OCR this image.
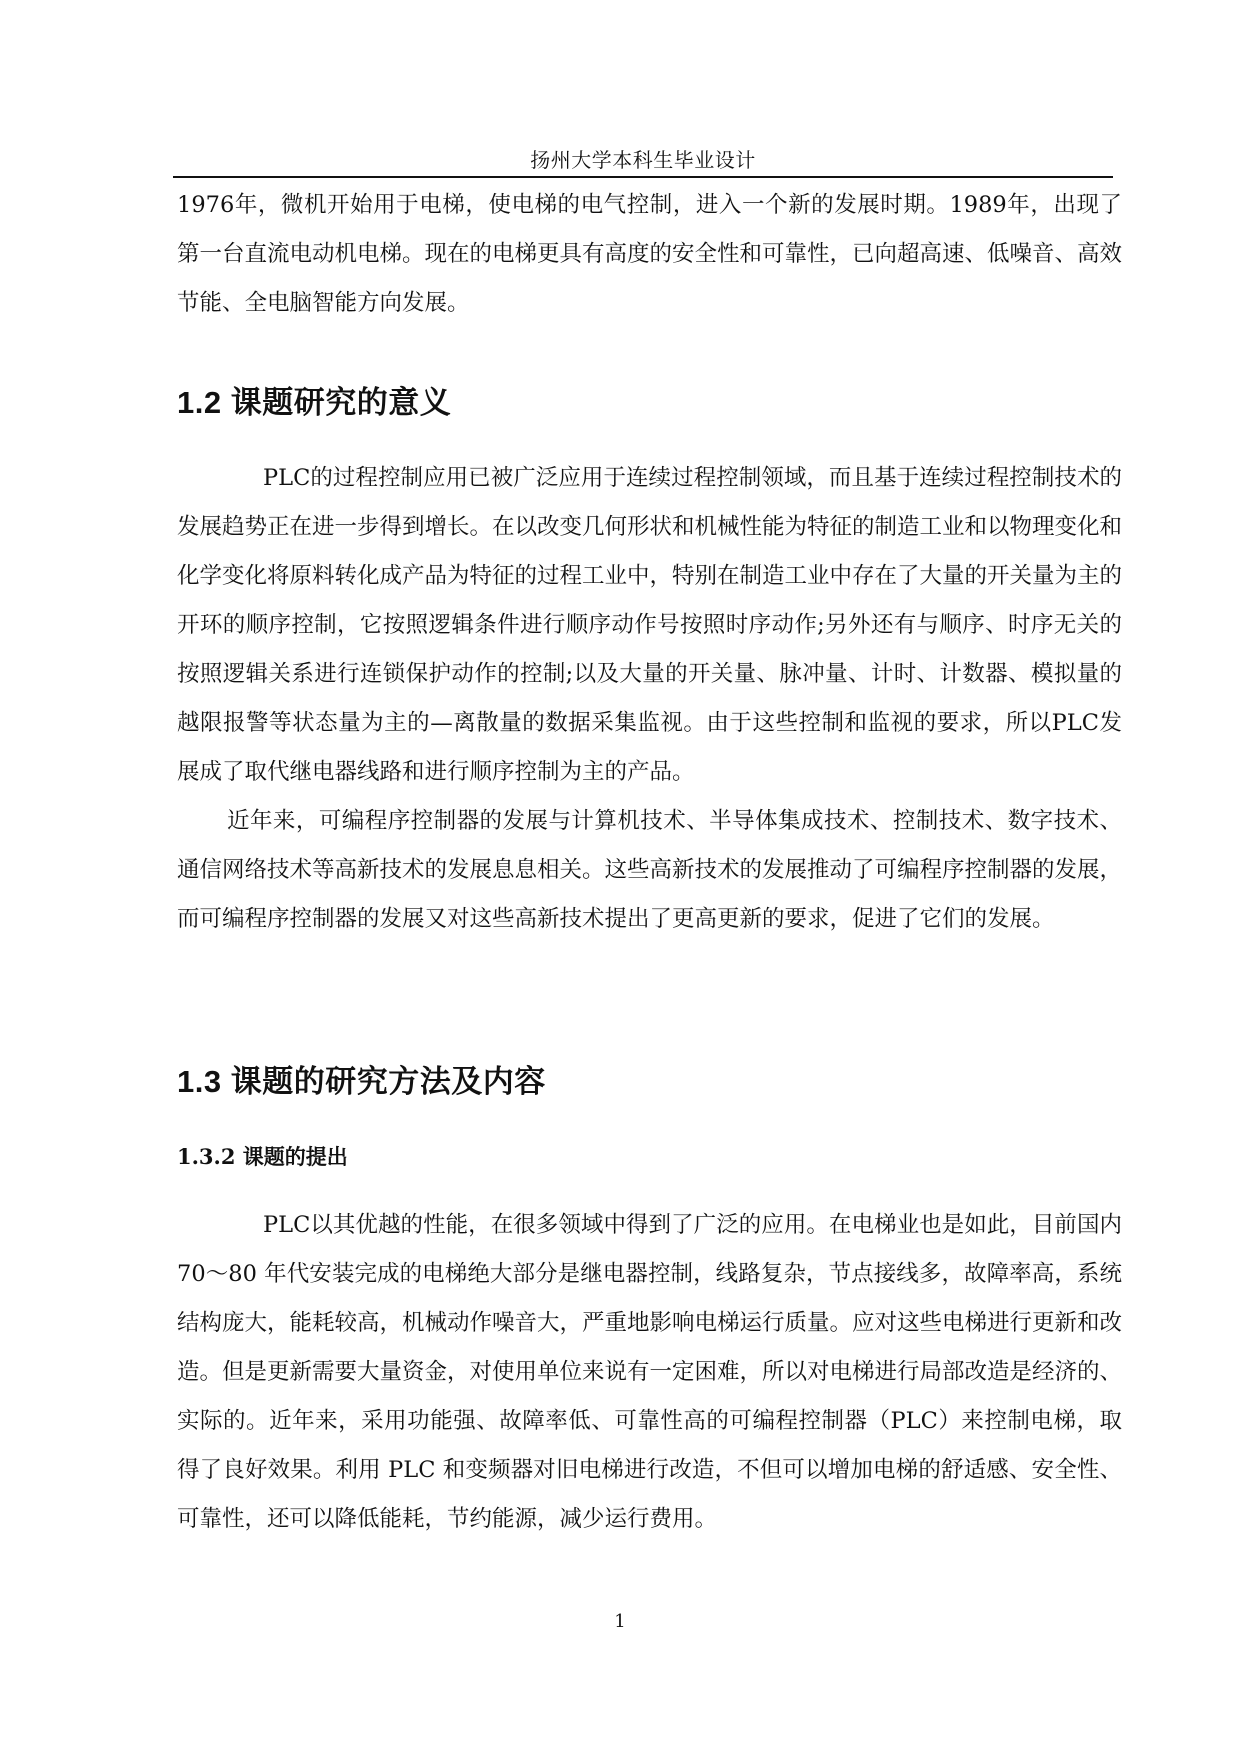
扬州大学本科生毕业设计

1976年，微机开始用于电梯，使电梯的电气控制，进入一个新的发展时期。1989年，出现了第一台直流电动机电梯。现在的电梯更具有高度的安全性和可靠性，已向超高速、低噪音、高效节能、全电脑智能方向发展。

1.2 课题研究的意义

PLC的过程控制应用已被广泛应用于连续过程控制领域，而且基于连续过程控制技术的发展趋势正在进一步得到增长。在以改变几何形状和机械性能为特征的制造工业和以物理变化和化学变化将原料转化成产品为特征的过程工业中，特别在制造工业中存在了大量的开关量为主的开环的顺序控制，它按照逻辑条件进行顺序动作号按照时序动作;另外还有与顺序、时序无关的按照逻辑关系进行连锁保护动作的控制;以及大量的开关量、脉冲量、计时、计数器、模拟量的越限报警等状态量为主的—离散量的数据采集监视。由于这些控制和监视的要求，所以PLC发展成了取代继电器线路和进行顺序控制为主的产品。

近年来，可编程序控制器的发展与计算机技术、半导体集成技术、控制技术、数字技术、通信网络技术等高新技术的发展息息相关。这些高新技术的发展推动了可编程序控制器的发展，而可编程序控制器的发展又对这些高新技术提出了更高更新的要求，促进了它们的发展。

1.3 课题的研究方法及内容
1.3.2 课题的提出

PLC以其优越的性能，在很多领域中得到了广泛的应用。在电梯业也是如此，目前国内 70～80 年代安装完成的电梯绝大部分是继电器控制，线路复杂，节点接线多，故障率高，系统结构庞大，能耗较高，机械动作噪音大，严重地影响电梯运行质量。应对这些电梯进行更新和改造。但是更新需要大量资金，对使用单位来说有一定困难，所以对电梯进行局部改造是经济的、实际的。近年来，采用功能强、故障率低、可靠性高的可编程控制器（PLC）来控制电梯，取得了良好效果。利用 PLC 和变频器对旧电梯进行改造，不但可以增加电梯的舒适感、安全性、可靠性，还可以降低能耗，节约能源，减少运行费用。

1
